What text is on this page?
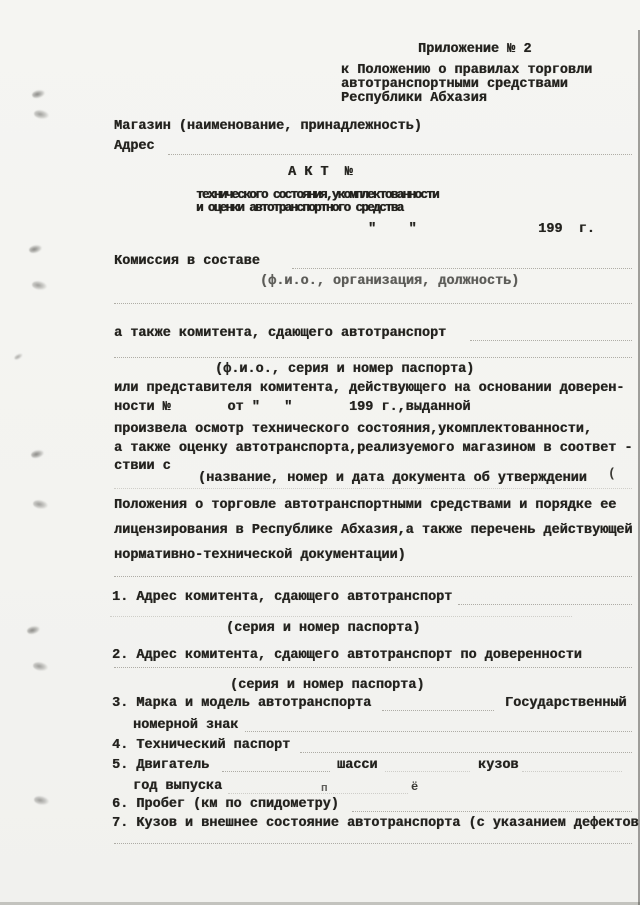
Приложение № 2
к Положению о правилах торговли
автотранспортными средствами
Республики Абхазия
Магазин (наименование, принадлежность)
Адрес
А К Т  №
технического состояния,укомплектованности
и оценки автотранспортного средства
"    "               199  г.
Комиссия в составе
(ф.и.о., организация, должность)
а также комитента, сдающего автотранспорт
(ф.и.о., серия и номер паспорта)
или представителя комитента, действующего на основании доверен-
ности №       от "   "       199 г.,выданной
произвела осмотр технического состояния,укомплектованности,
а также оценку автотранспорта,реализуемого магазином в соответ -
ствии с
(название, номер и дата документа об утверждении (
Положения о торговле автотранспортными средствами и порядке ее
лицензирования в Республике Абхазия,а также перечень действующей
нормативно-технической документации)
1. Адрес комитента, сдающего автотранспорт
(серия и номер паспорта)
2. Адрес комитента, сдающего автотранспорт по доверенности
(серия и номер паспорта)
3. Марка и модель автотранспорта	Государственный
номерной знак
4. Технический паспорт
5. Двигатель	шасси	кузов
год выпуска	п	ё
6. Пробег (км по спидометру)
7. Кузов и внешнее состояние автотранспорта (с указанием дефектов
